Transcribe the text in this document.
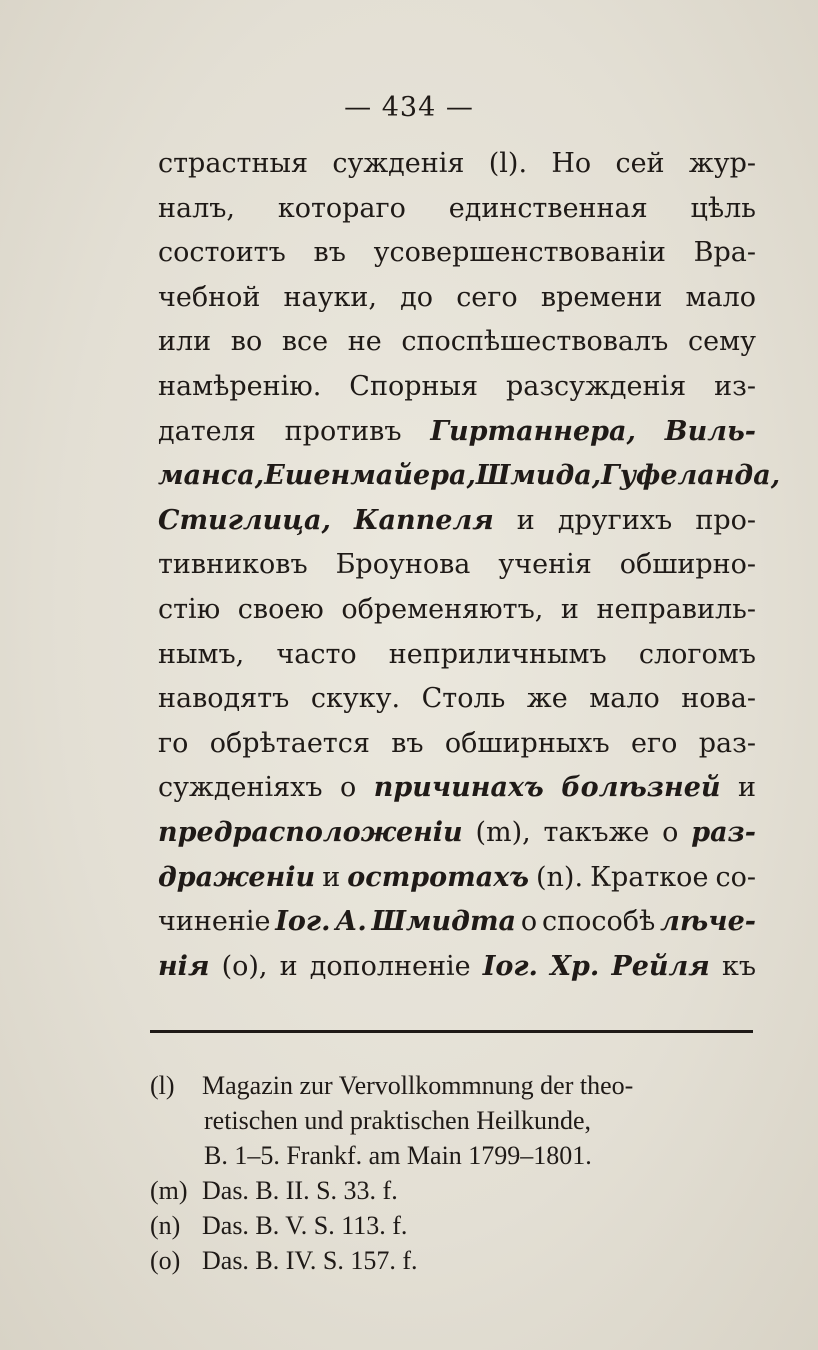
— 434 —
страстныя сужденія (l). Но сей жур-
налъ, котораго единственная цѣль
состоитъ въ усовершенствованіи Вра-
чебной науки, до сего времени мало
или во все не споспѣшествовалъ сему
намѣренію. Спорныя разсужденія из-
дателя противъ Гиртаннера, Виль-
манса, Ешенмайера, Шмида, Гуфеланда,
Стиглица, Каппеля и другихъ про-
тивниковъ Броунова ученія обширно-
стію своею обременяютъ, и неправиль-
нымъ, часто неприличнымъ слогомъ
наводятъ скуку. Столь же мало нова-
го обрѣтается въ обширныхъ его раз-
сужденіяхъ о причинахъ болѣзней и
предрасположеніи (m), такъже о раз-
драженіи и остротахъ (n). Краткое со-
чиненіе Іог. А. Шмидта о способѣ лѣче-
нія (o), и дополненіе Іог. Хр. Рейля къ
(l) Magazin zur Vervollkommnung der theo-
retischen und praktischen Heilkunde,
B. 1–5. Frankf. am Main 1799–1801.
(m) Das. B. II. S. 33. f.
(n) Das. B. V. S. 113. f.
(o) Das. B. IV. S. 157. f.
